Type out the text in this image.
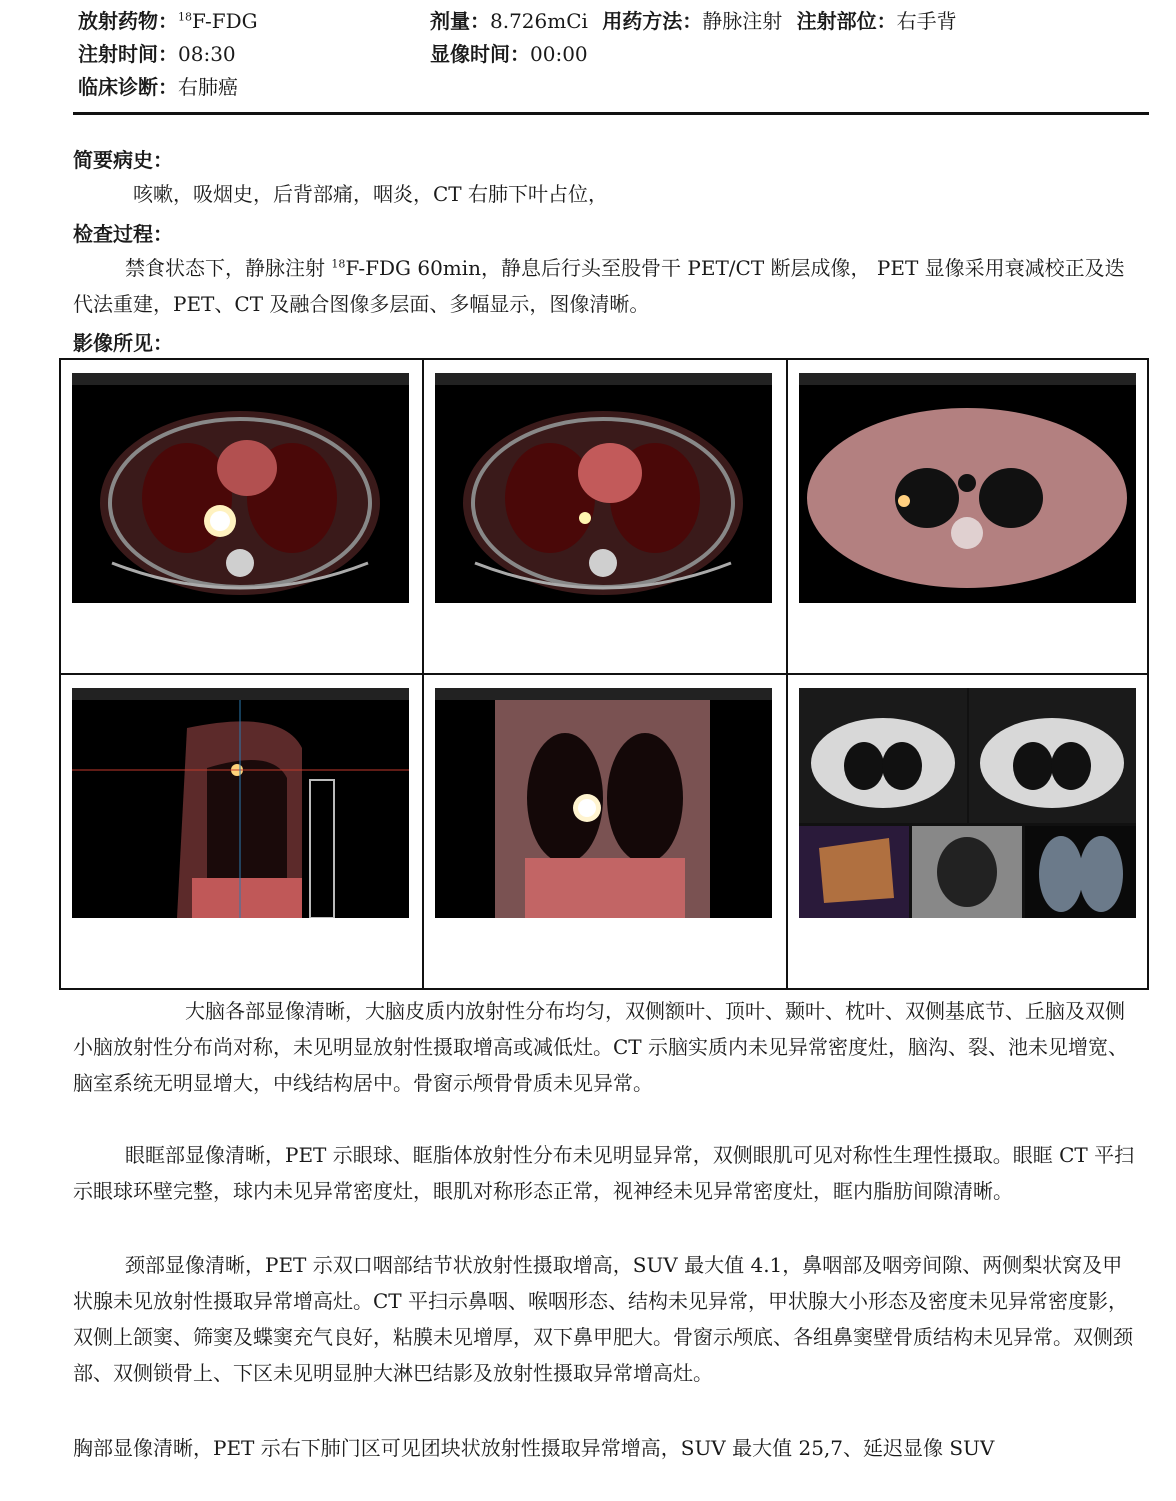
放射药物：$^{18}$F-FDG
注射时间：08:30
临床诊断：右肺癌
剂量：8.726mCi 用药方法：静脉注射 注射部位：右手背
显像时间：00:00
简要病史：
咳嗽，吸烟史，后背部痛，咽炎，CT 右肺下叶占位，
检查过程：
禁食状态下，静脉注射 $^{18}$F-FDG 60min，静息后行头至股骨干 PET/CT 断层成像， PET 显像采用衰减校正及迭代法重建，PET、CT 及融合图像多层面、多幅显示，图像清晰。
影像所见：
大脑各部显像清晰，大脑皮质内放射性分布均匀，双侧额叶、顶叶、颞叶、枕叶、双侧基底节、丘脑及双侧小脑放射性分布尚对称，未见明显放射性摄取增高或减低灶。CT 示脑实质内未见异常密度灶，脑沟、裂、池未见增宽、脑室系统无明显增大，中线结构居中。骨窗示颅骨骨质未见异常。
眼眶部显像清晰，PET 示眼球、眶脂体放射性分布未见明显异常，双侧眼肌可见对称性生理性摄取。眼眶 CT 平扫示眼球环壁完整，球内未见异常密度灶，眼肌对称形态正常，视神经未见异常密度灶，眶内脂肪间隙清晰。
颈部显像清晰，PET 示双口咽部结节状放射性摄取增高，SUV 最大值 4.1，鼻咽部及咽旁间隙、两侧梨状窝及甲状腺未见放射性摄取异常增高灶。CT 平扫示鼻咽、喉咽形态、结构未见异常，甲状腺大小形态及密度未见异常密度影，双侧上颌窦、筛窦及蝶窦充气良好，粘膜未见增厚，双下鼻甲肥大。骨窗示颅底、各组鼻窦壁骨质结构未见异常。双侧颈部、双侧锁骨上、下区未见明显肿大淋巴结影及放射性摄取异常增高灶。
胸部显像清晰，PET 示右下肺门区可见团块状放射性摄取异常增高，SUV 最大值 25,7、延迟显像 SUV
